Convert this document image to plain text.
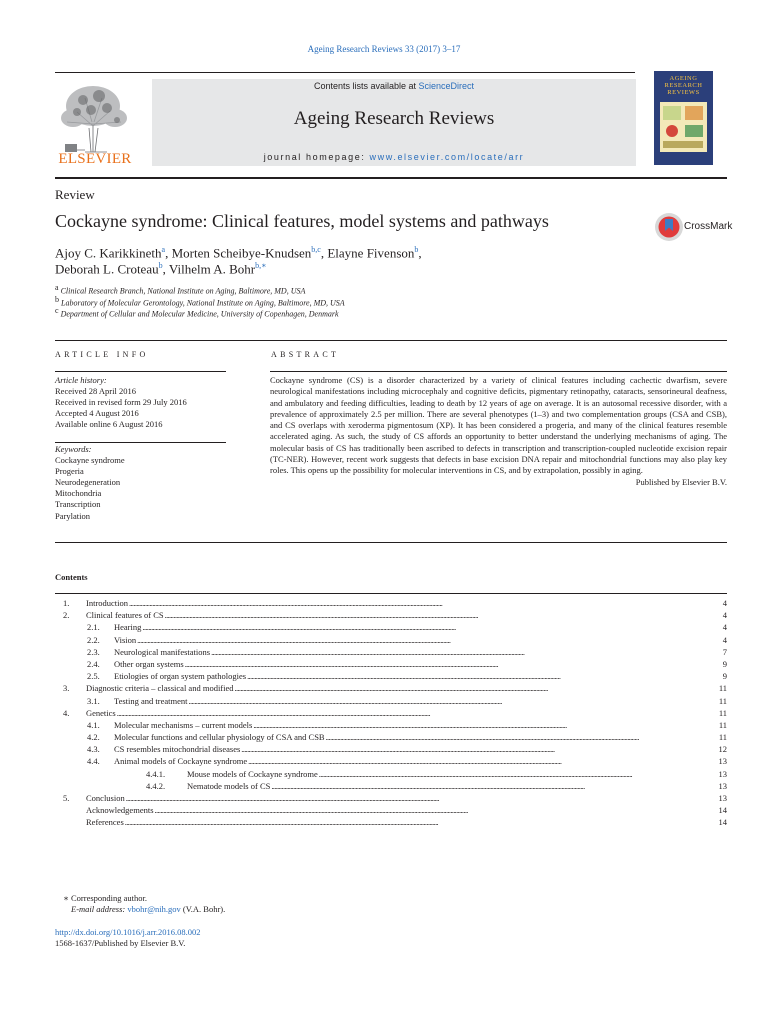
Ageing Research Reviews 33 (2017) 3–17
ELSEVIER
Contents lists available at ScienceDirect
Ageing Research Reviews
journal homepage: www.elsevier.com/locate/arr
AGEING RESEARCH REVIEWS
Review
Cockayne syndrome: Clinical features, model systems and pathways	CrossMark
Ajoy C. Karikkineth$^a$, Morten Scheibye-Knudsen$^{b,c}$, Elayne Fivenson$^b$,
Deborah L. Croteau$^b$, Vilhelm A. Bohr$^{b,∗}$
$^a$ Clinical Research Branch, National Institute on Aging, Baltimore, MD, USA
$^b$ Laboratory of Molecular Gerontology, National Institute on Aging, Baltimore, MD, USA
$^c$ Department of Cellular and Molecular Medicine, University of Copenhagen, Denmark
ARTICLE INFO	ABSTRACT
Article history:
Received 28 April 2016
Received in revised form 29 July 2016
Accepted 4 August 2016
Available online 6 August 2016
Keywords:
Cockayne syndrome
Progeria
Neurodegeneration
Mitochondria
Transcription
Parylation
Cockayne syndrome (CS) is a disorder characterized by a variety of clinical features including cachectic dwarfism, severe neurological manifestations including microcephaly and cognitive deficits, pigmentary retinopathy, cataracts, sensorineural deafness, and ambulatory and feeding difficulties, leading to death by 12 years of age on average. It is an autosomal recessive disorder, with a prevalence of approximately 2.5 per million. There are several phenotypes (1–3) and two complementation groups (CSA and CSB), and CS overlaps with xeroderma pigmentosum (XP). It has been considered a progeria, and many of the clinical features resemble accelerated aging. As such, the study of CS affords an opportunity to better understand the underlying mechanisms of aging. The molecular basis of CS has traditionally been ascribed to defects in transcription and transcription-coupled nucleotide excision repair (TC-NER). However, recent work suggests that defects in base excision DNA repair and mitochondrial functions may also play key roles. This opens up the possibility for molecular interventions in CS, and by extrapolation, possibly in aging.
Published by Elsevier B.V.
Contents
1. Introduction . . .	4
2. Clinical features of CS . . .	4
2.1. Hearing . . .	4
2.2. Vision . . .	4
2.3. Neurological manifestations . . .	7
2.4. Other organ systems . . .	9
2.5. Etiologies of organ system pathologies . . .	9
3. Diagnostic criteria – classical and modified . . .	11
3.1. Testing and treatment . . .	11
4. Genetics . . .	11
4.1. Molecular mechanisms – current models . . .	11
4.2. Molecular functions and cellular physiology of CSA and CSB . . .	11
4.3. CS resembles mitochondrial diseases . . .	12
4.4. Animal models of Cockayne syndrome . . .	13
4.4.1.	Mouse models of Cockayne syndrome . . .	13
4.4.2.	Nematode models of CS . . .	13
5. Conclusion . . .	13
Acknowledgements . . .	14
References . . .	14
∗ Corresponding author.
E-mail address: vbohr@nih.gov (V.A. Bohr).
http://dx.doi.org/10.1016/j.arr.2016.08.002
1568-1637/Published by Elsevier B.V.
